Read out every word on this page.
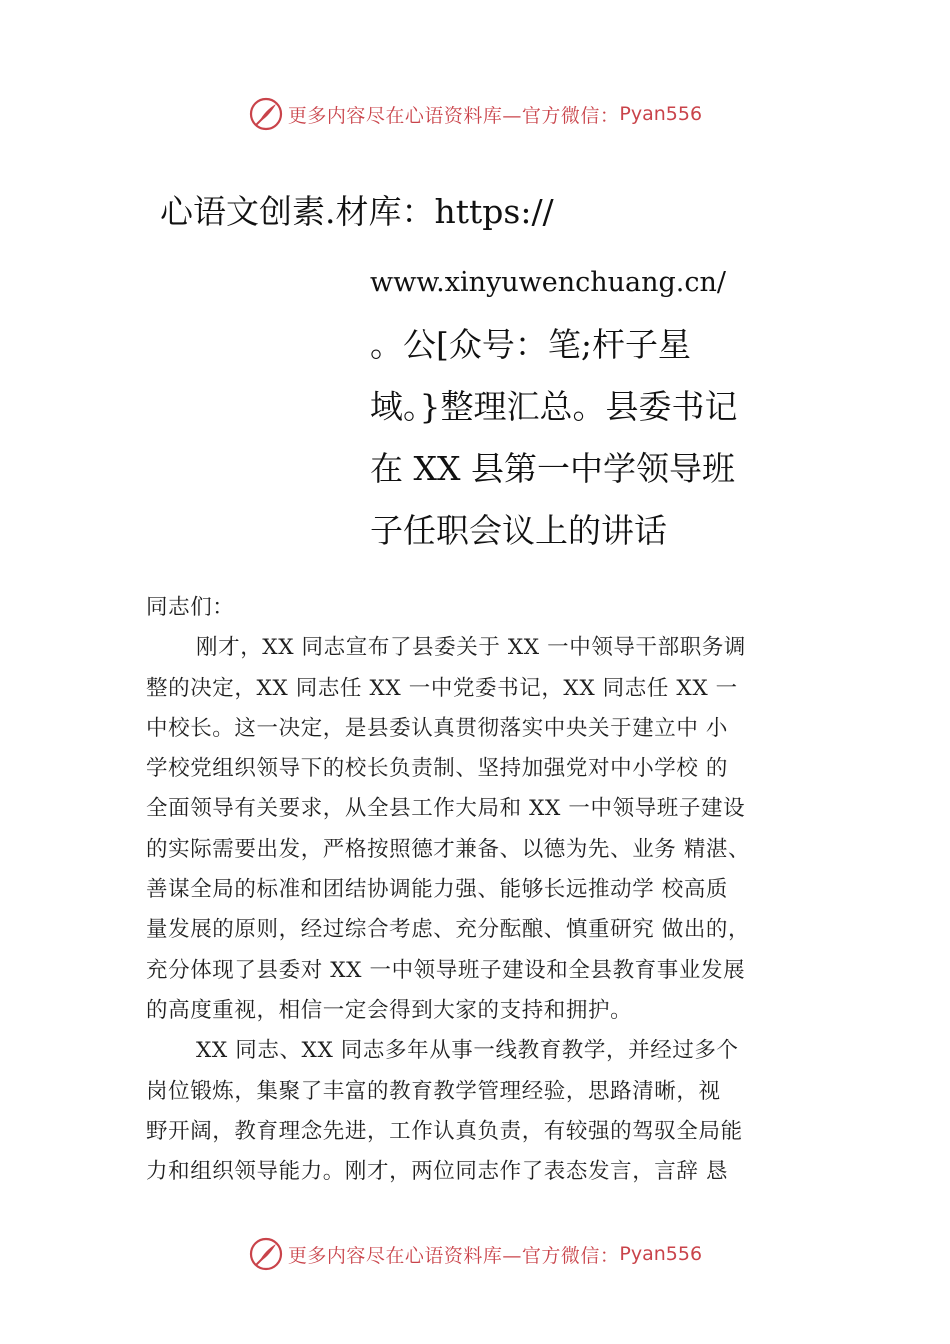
更多内容尽在心语资料库—官方微信： Pyan556
心语文创素.材库：https://
www.xinyuwenchuang.cn/
。公[众号：笔;杆子星
域。}整理汇总。县委书记
在 XX 县第一中学领导班
子任职会议上的讲话
同志们：
刚才，XX 同志宣布了县委关于 XX 一中领导干部职务调
整的决定，XX 同志任 XX 一中党委书记，XX 同志任 XX 一
中校长。这一决定，是县委认真贯彻落实中央关于建立中 小
学校党组织领导下的校长负责制、坚持加强党对中小学校 的
全面领导有关要求，从全县工作大局和 XX 一中领导班子建设
的实际需要出发，严格按照德才兼备、以德为先、业务 精湛、
善谋全局的标准和团结协调能力强、能够长远推动学 校高质
量发展的原则，经过综合考虑、充分酝酿、慎重研究 做出的，
充分体现了县委对 XX 一中领导班子建设和全县教育事业发展
的高度重视，相信一定会得到大家的支持和拥护。
XX 同志、XX 同志多年从事一线教育教学，并经过多个
岗位锻炼，集聚了丰富的教育教学管理经验，思路清晰，视
野开阔，教育理念先进，工作认真负责，有较强的驾驭全局能
力和组织领导能力。刚才，两位同志作了表态发言，言辞 恳
更多内容尽在心语资料库—官方微信： Pyan556
